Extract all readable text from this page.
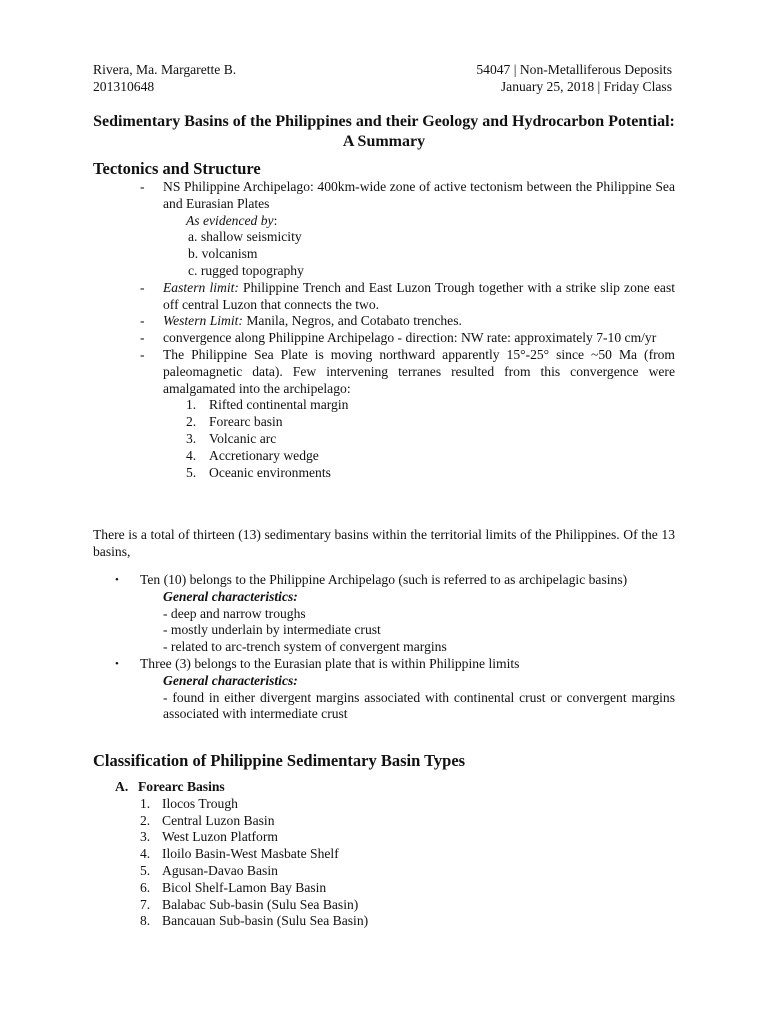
Rivera, Ma. Margarette B.
201310648
54047 | Non-Metalliferous Deposits
January 25, 2018 | Friday Class
Sedimentary Basins of the Philippines and their Geology and Hydrocarbon Potential: A Summary
Tectonics and Structure
- NS Philippine Archipelago: 400km-wide zone of active tectonism between the Philippine Sea and Eurasian Plates
As evidenced by:
a. shallow seismicity
b. volcanism
c. rugged topography
- Eastern limit: Philippine Trench and East Luzon Trough together with a strike slip zone east off central Luzon that connects the two.
- Western Limit: Manila, Negros, and Cotabato trenches.
- convergence along Philippine Archipelago - direction: NW rate: approximately 7-10 cm/yr
- The Philippine Sea Plate is moving northward apparently 15°-25° since ~50 Ma (from paleomagnetic data). Few intervening terranes resulted from this convergence were amalgamated into the archipelago:
1. Rifted continental margin
2. Forearc basin
3. Volcanic arc
4. Accretionary wedge
5. Oceanic environments
There is a total of thirteen (13) sedimentary basins within the territorial limits of the Philippines. Of the 13 basins,
• Ten (10) belongs to the Philippine Archipelago (such is referred to as archipelagic basins)
General characteristics:
- deep and narrow troughs
- mostly underlain by intermediate crust
- related to arc-trench system of convergent margins
• Three (3) belongs to the Eurasian plate that is within Philippine limits
General characteristics:
- found in either divergent margins associated with continental crust or convergent margins associated with intermediate crust
Classification of Philippine Sedimentary Basin Types
A. Forearc Basins
1. Ilocos Trough
2. Central Luzon Basin
3. West Luzon Platform
4. Iloilo Basin-West Masbate Shelf
5. Agusan-Davao Basin
6. Bicol Shelf-Lamon Bay Basin
7. Balabac Sub-basin (Sulu Sea Basin)
8. Bancauan Sub-basin (Sulu Sea Basin)
